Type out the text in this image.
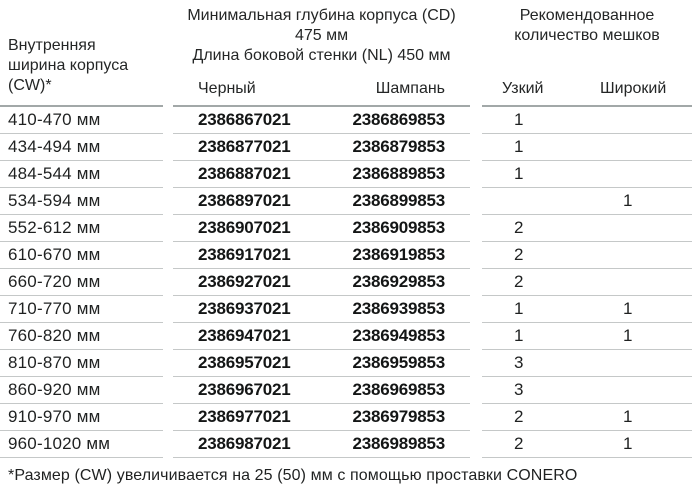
Внутренняя ширина корпуса (CW)*

Минимальная глубина корпуса (CD) 475 мм
Длина боковой стенки (NL) 450 мм

Рекомендованное
количество мешков

		Черный	Шампань		Узкий	Широкий
410-470 мм		2386867021	2386869853		1	
434-494 мм		2386877021	2386879853		1	
484-544 мм		2386887021	2386889853		1	
534-594 мм		2386897021	2386899853			1
552-612 мм		2386907021	2386909853		2	
610-670 мм		2386917021	2386919853		2	
660-720 мм		2386927021	2386929853		2	
710-770 мм		2386937021	2386939853		1	1
760-820 мм		2386947021	2386949853		1	1
810-870 мм		2386957021	2386959853		3	
860-920 мм		2386967021	2386969853		3	
910-970 мм		2386977021	2386979853		2	1
960-1020 мм		2386987021	2386989853		2	1
*Размер (CW) увеличивается на 25 (50) мм с помощью проставки CONERO
